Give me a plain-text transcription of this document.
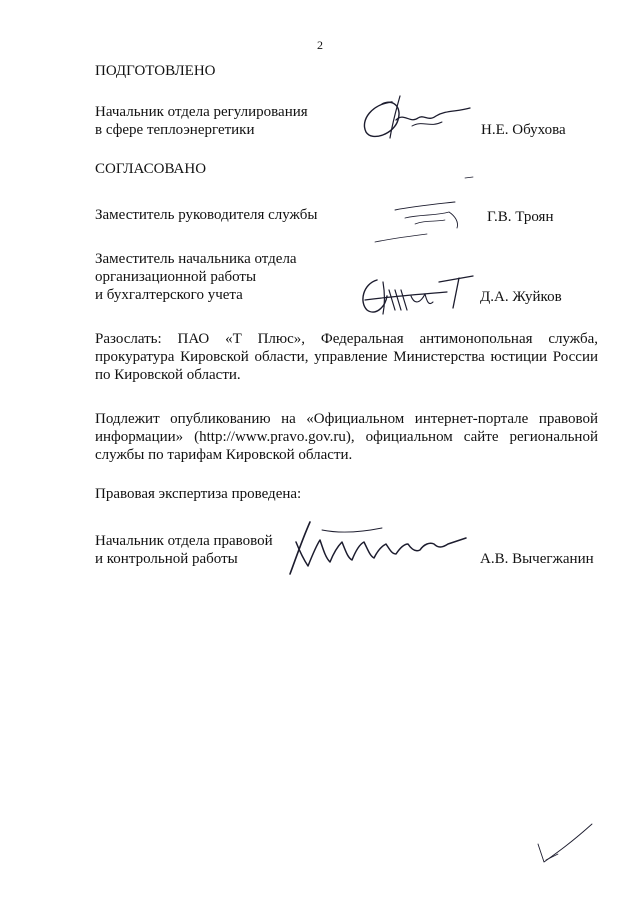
2
ПОДГОТОВЛЕНО
Начальник отдела регулирования
в сфере теплоэнергетики	Н.Е. Обухова
СОГЛАСОВАНО
Заместитель руководителя службы	Г.В. Троян
Заместитель начальника отдела
организационной работы
и бухгалтерского учета	Д.А. Жуйков
Разослать: ПАО «Т Плюс», Федеральная антимонопольная служба, прокуратура Кировской области, управление Министерства юстиции России по Кировской области.
Подлежит опубликованию на «Официальном интернет-портале правовой информации» (http://www.pravo.gov.ru), официальном сайте региональной службы по тарифам Кировской области.
Правовая экспертиза проведена:
Начальник отдела правовой
и контрольной работы	А.В. Вычегжанин
